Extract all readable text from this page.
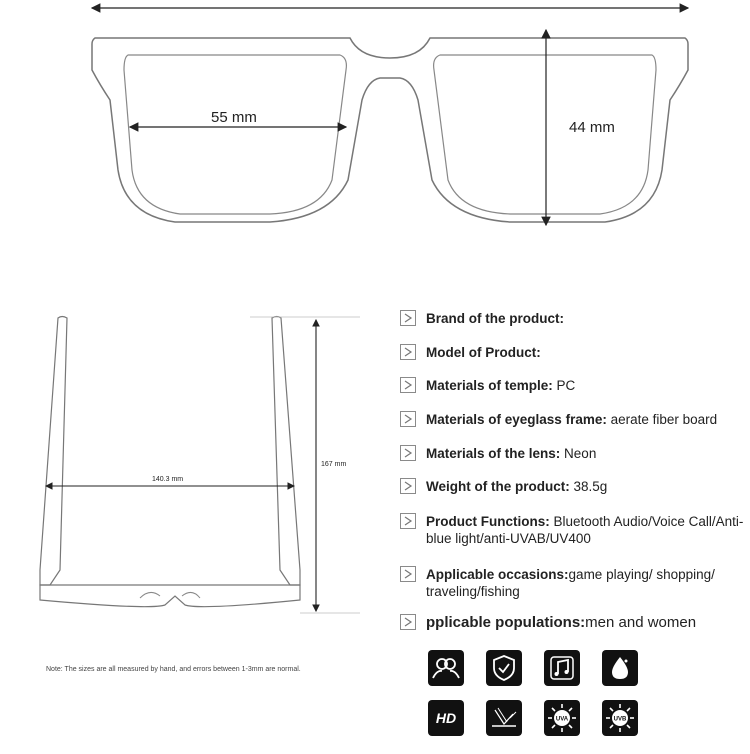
55 mm
44 mm
140.3 mm
167 mm
Note: The sizes are all measured by hand, and errors between 1-3mm are normal.
Brand of the product:
Model of Product:
Materials of temple: PC
Materials of eyeglass frame: aerate fiber board
Materials of the lens: Neon
Weight of the product: 38.5g
Product Functions: Bluetooth Audio/Voice Call/Anti-blue light/anti-UVAB/UV400
Applicable occasions:game playing/ shopping/ traveling/fishing
pplicable populations:men and women
HD	UVA	UVB
